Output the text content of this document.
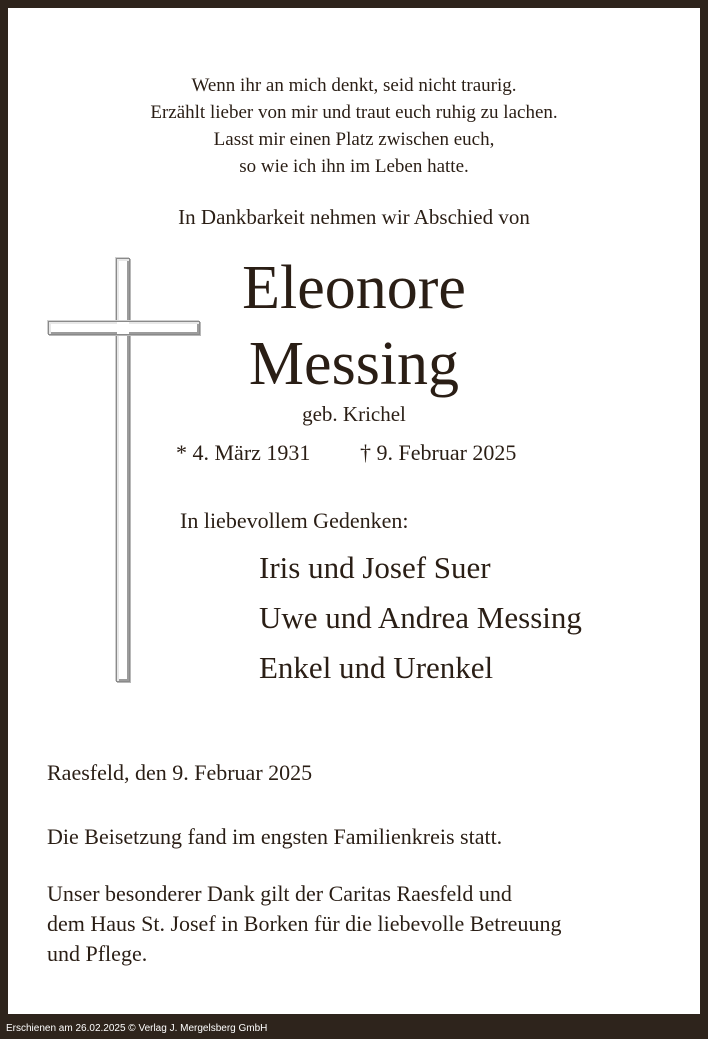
Wenn ihr an mich denkt, seid nicht traurig.
Erzählt lieber von mir und traut euch ruhig zu lachen.
Lasst mir einen Platz zwischen euch,
so wie ich ihn im Leben hatte.
In Dankbarkeit nehmen wir Abschied von
Eleonore
Messing
geb. Krichel
* 4. März 1931 † 9. Februar 2025
In liebevollem Gedenken:
Iris und Josef Suer
Uwe und Andrea Messing
Enkel und Urenkel
Raesfeld, den 9. Februar 2025
Die Beisetzung fand im engsten Familienkreis statt.
Unser besonderer Dank gilt der Caritas Raesfeld und
dem Haus St. Josef in Borken für die liebevolle Betreuung
und Pflege.
Erschienen am 26.02.2025 © Verlag J. Mergelsberg GmbH
